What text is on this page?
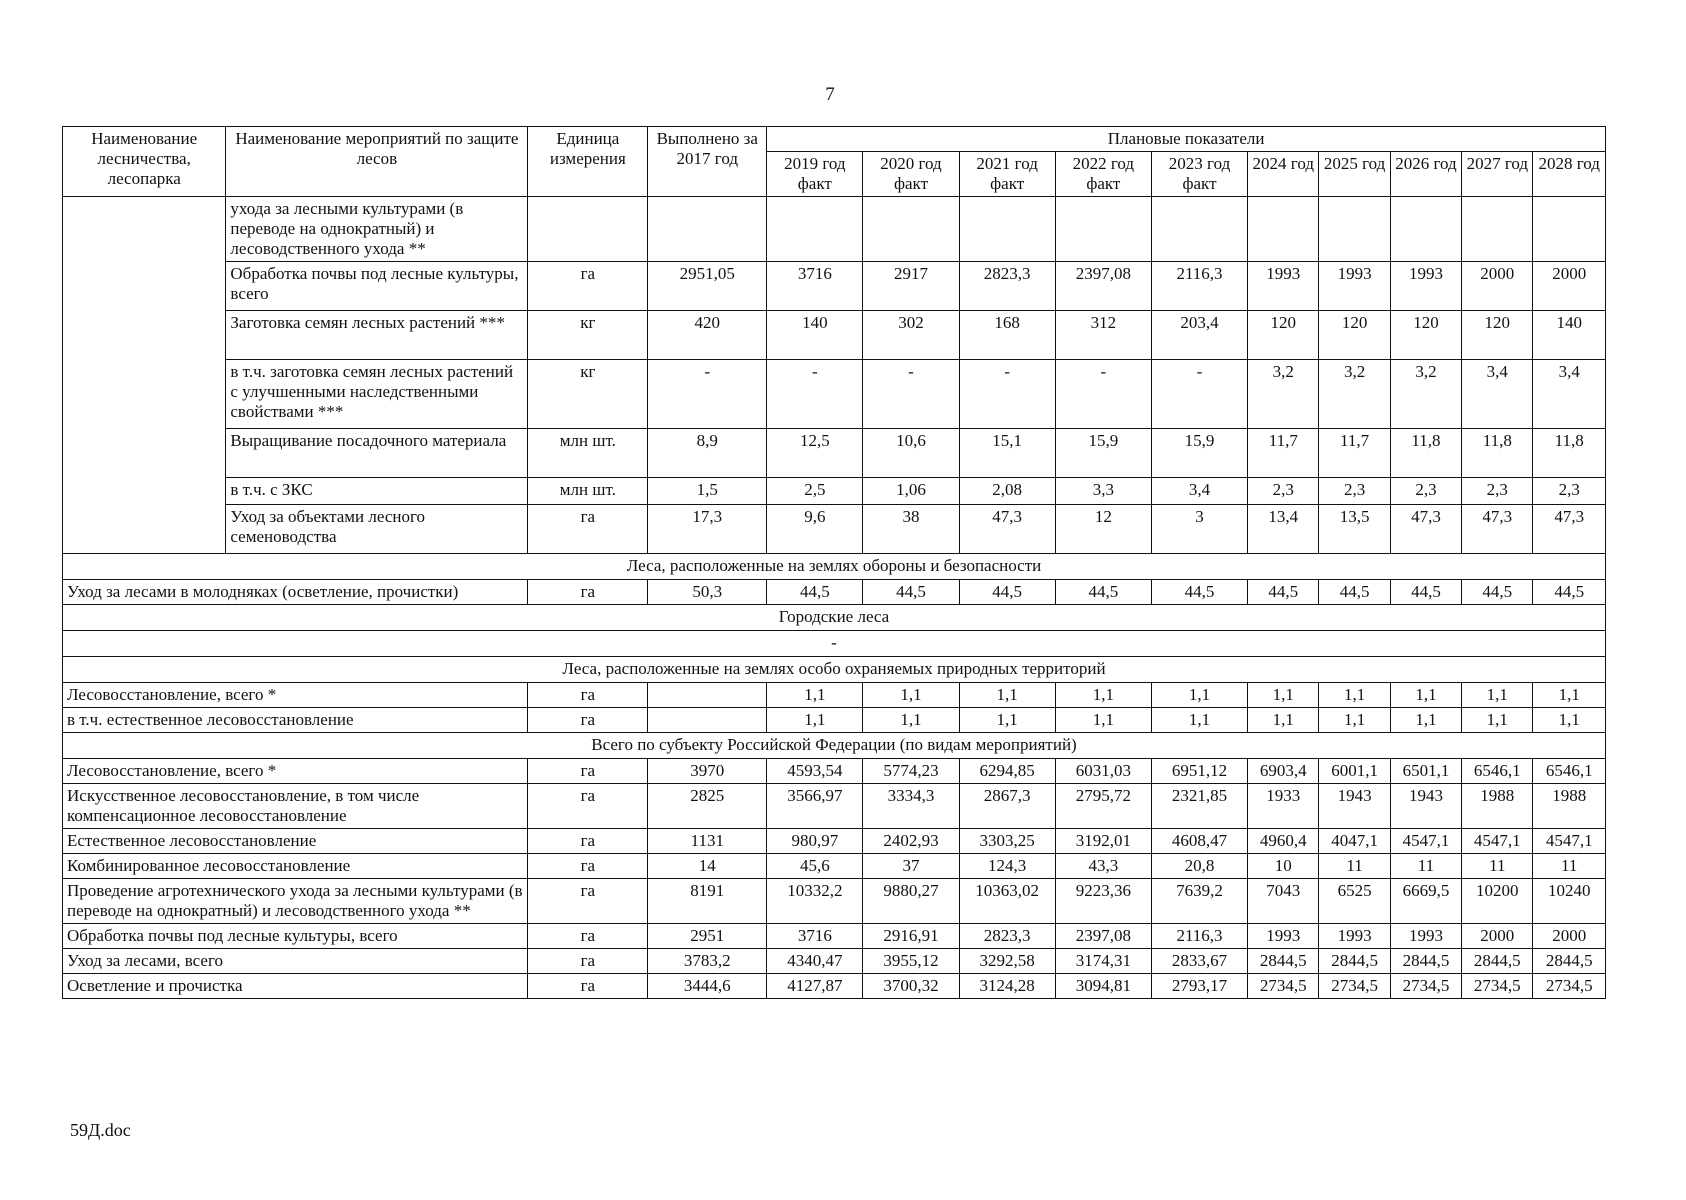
7
Наименование лесничества, лесопарка	Наименование мероприятий по защите лесов	Единица измерения	Выполнено за 2017 год	Плановые показатели									
				2019 год факт	2020 год факт	2021 год факт	2022 год факт	2023 год факт	2024 год	2025 год	2026 год	2027 год	2028 год
	ухода за лесными культурами (в переводе на однократный) и лесоводственного ухода **												
	Обработка почвы под лесные культуры, всего	га	2951,05	3716	2917	2823,3	2397,08	2116,3	1993	1993	1993	2000	2000
	Заготовка семян лесных растений ***	кг	420	140	302	168	312	203,4	120	120	120	120	140
	в т.ч. заготовка семян лесных растений с улучшенными наследственными свойствами ***	кг	-	-	-	-	-	-	3,2	3,2	3,2	3,4	3,4
	Выращивание посадочного материала	млн шт.	8,9	12,5	10,6	15,1	15,9	15,9	11,7	11,7	11,8	11,8	11,8
	в т.ч. с ЗКС	млн шт.	1,5	2,5	1,06	2,08	3,3	3,4	2,3	2,3	2,3	2,3	2,3
	Уход за объектами лесного семеноводства	га	17,3	9,6	38	47,3	12	3	13,4	13,5	47,3	47,3	47,3
Леса, расположенные на землях обороны и безопасности													
Уход за лесами в молодняках (осветление, прочистки)		га	50,3	44,5	44,5	44,5	44,5	44,5	44,5	44,5	44,5	44,5	44,5
Городские леса													
-													
Леса, расположенные на землях особо охраняемых природных территорий													
Лесовосстановление, всего *		га		1,1	1,1	1,1	1,1	1,1	1,1	1,1	1,1	1,1	1,1
в т.ч. естественное лесовосстановление		га		1,1	1,1	1,1	1,1	1,1	1,1	1,1	1,1	1,1	1,1
Всего по субъекту Российской Федерации (по видам мероприятий)													
Лесовосстановление, всего *		га	3970	4593,54	5774,23	6294,85	6031,03	6951,12	6903,4	6001,1	6501,1	6546,1	6546,1
Искусственное лесовосстановление, в том числе компенсационное лесовосстановление		га	2825	3566,97	3334,3	2867,3	2795,72	2321,85	1933	1943	1943	1988	1988
Естественное лесовосстановление		га	1131	980,97	2402,93	3303,25	3192,01	4608,47	4960,4	4047,1	4547,1	4547,1	4547,1
Комбинированное лесовосстановление		га	14	45,6	37	124,3	43,3	20,8	10	11	11	11	11
Проведение агротехнического ухода за лесными культурами (в переводе на однократный) и лесоводственного ухода **		га	8191	10332,2	9880,27	10363,02	9223,36	7639,2	7043	6525	6669,5	10200	10240
Обработка почвы под лесные культуры, всего		га	2951	3716	2916,91	2823,3	2397,08	2116,3	1993	1993	1993	2000	2000
Уход за лесами, всего		га	3783,2	4340,47	3955,12	3292,58	3174,31	2833,67	2844,5	2844,5	2844,5	2844,5	2844,5
Осветление и прочистка		га	3444,6	4127,87	3700,32	3124,28	3094,81	2793,17	2734,5	2734,5	2734,5	2734,5	2734,5
59Д.doc
